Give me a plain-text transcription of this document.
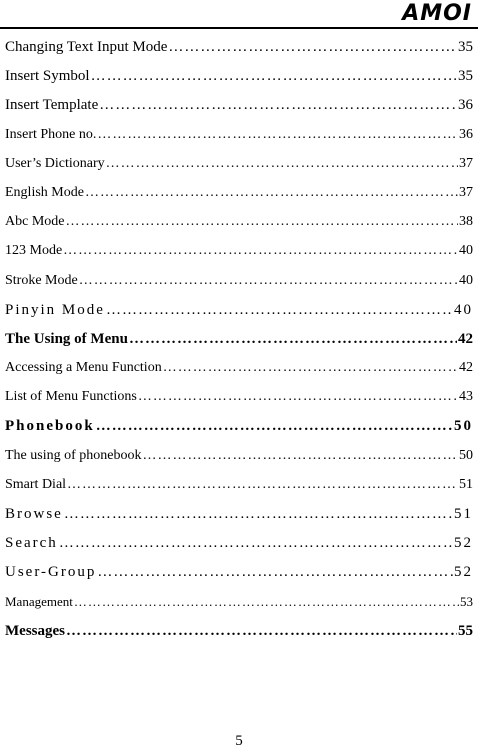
AMOI
Changing Text Input Mode …………………………………………………………………………………………………………………………	35
Insert Symbol …………………………………………………………………………………………………………………………	35
Insert Template …………………………………………………………………………………………………………………………	36
Insert Phone no. …………………………………………………………………………………………………………………………	36
User’s Dictionary …………………………………………………………………………………………………………………………	37
English Mode …………………………………………………………………………………………………………………………	37
Abc Mode …………………………………………………………………………………………………………………………	38
123 Mode …………………………………………………………………………………………………………………………	40
Stroke Mode …………………………………………………………………………………………………………………………	40
Pinyin Mode …………………………………………………………………………………………………………………………	40
The Using of Menu …………………………………………………………………………………………………………………………	42
Accessing a Menu Function …………………………………………………………………………………………………………………………	42
List of Menu Functions …………………………………………………………………………………………………………………………	43
Phonebook …………………………………………………………………………………………………………………………	50
The using of phonebook …………………………………………………………………………………………………………………………	50
Smart Dial …………………………………………………………………………………………………………………………	51
Browse …………………………………………………………………………………………………………………………	51
Search …………………………………………………………………………………………………………………………	52
User-Group …………………………………………………………………………………………………………………………	52
Management …………………………………………………………………………………………………………………………	53
Messages …………………………………………………………………………………………………………………………	55
5
